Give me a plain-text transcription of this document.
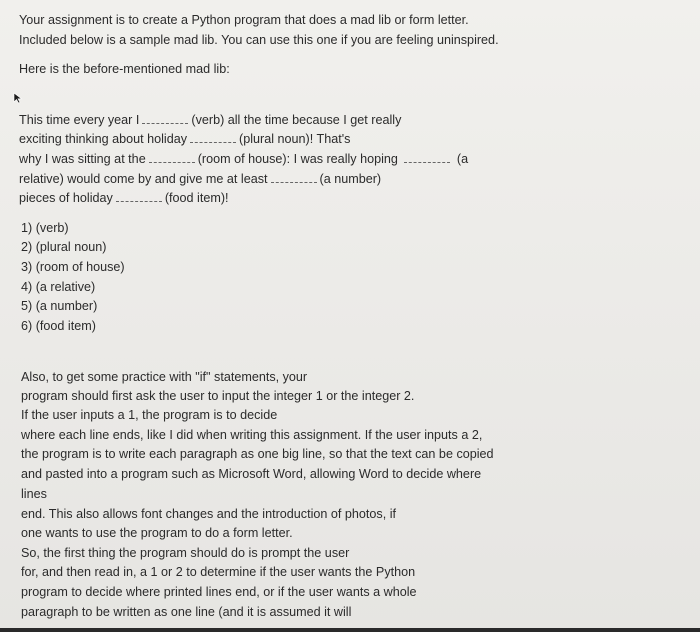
Your assignment is to create a Python program that does a mad lib or form letter.
Included below is a sample mad lib. You can use this one if you are feeling uninspired.
Here is the before-mentioned mad lib:
This time every year I	(verb) all the time because I get really
exciting thinking about holiday	(plural noun)! That's
why I was sitting at the	(room of house): I was really hoping	(a
relative) would come by and give me at least	(a number)
pieces of holiday	(food item)!
1) (verb)
2) (plural noun)
3) (room of house)
4) (a relative)
5) (a number)
6) (food item)
Also, to get some practice with "if" statements, your
program should first ask the user to input the integer 1 or the integer 2.
If the user inputs a 1, the program is to decide
where each line ends, like I did when writing this assignment. If the user inputs a 2,
the program is to write each paragraph as one big line, so that the text can be copied
and pasted into a program such as Microsoft Word, allowing Word to decide where
lines
end. This also allows font changes and the introduction of photos, if
one wants to use the program to do a form letter.
So, the first thing the program should do is prompt the user
for, and then read in, a 1 or 2 to determine if the user wants the Python
program to decide where printed lines end, or if the user wants a whole
paragraph to be written as one line (and it is assumed it will
